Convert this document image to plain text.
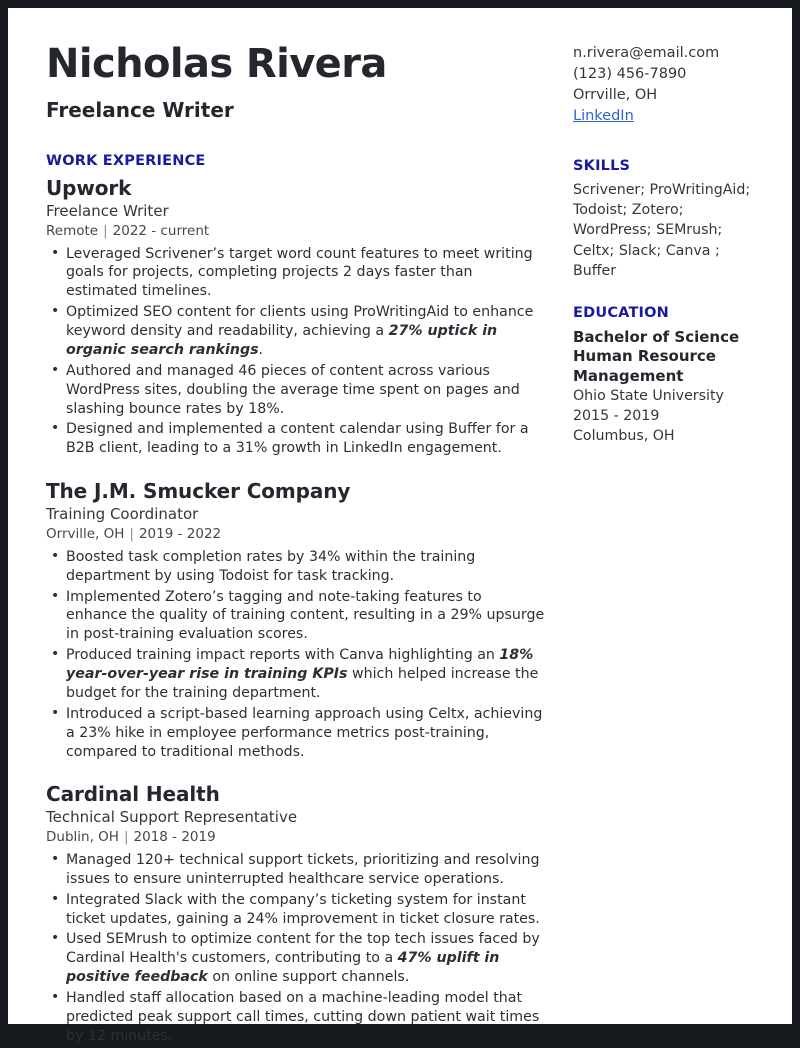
Nicholas Rivera
Freelance Writer
WORK EXPERIENCE
Upwork
Freelance Writer
Remote | 2022 - current
• Leveraged Scrivener’s target word count features to meet writing goals for projects, completing projects 2 days faster than estimated timelines.
• Optimized SEO content for clients using ProWritingAid to enhance keyword density and readability, achieving a 27% uptick in organic search rankings.
• Authored and managed 46 pieces of content across various WordPress sites, doubling the average time spent on pages and slashing bounce rates by 18%.
• Designed and implemented a content calendar using Buffer for a B2B client, leading to a 31% growth in LinkedIn engagement.
The J.M. Smucker Company
Training Coordinator
Orrville, OH | 2019 - 2022
• Boosted task completion rates by 34% within the training department by using Todoist for task tracking.
• Implemented Zotero’s tagging and note-taking features to enhance the quality of training content, resulting in a 29% upsurge in post-training evaluation scores.
• Produced training impact reports with Canva highlighting an 18% year-over-year rise in training KPIs which helped increase the budget for the training department.
• Introduced a script-based learning approach using Celtx, achieving a 23% hike in employee performance metrics post-training, compared to traditional methods.
Cardinal Health
Technical Support Representative
Dublin, OH | 2018 - 2019
• Managed 120+ technical support tickets, prioritizing and resolving issues to ensure uninterrupted healthcare service operations.
• Integrated Slack with the company’s ticketing system for instant ticket updates, gaining a 24% improvement in ticket closure rates.
• Used SEMrush to optimize content for the top tech issues faced by Cardinal Health's customers, contributing to a 47% uplift in positive feedback on online support channels.
• Handled staff allocation based on a machine-leading model that predicted peak support call times, cutting down patient wait times by 12 minutes.
n.rivera@email.com
(123) 456-7890
Orrville, OH
LinkedIn
SKILLS
Scrivener; ProWritingAid; Todoist; Zotero; WordPress; SEMrush; Celtx; Slack; Canva ; Buffer
EDUCATION
Bachelor of Science
Human Resource Management
Ohio State University
2015 - 2019
Columbus, OH
